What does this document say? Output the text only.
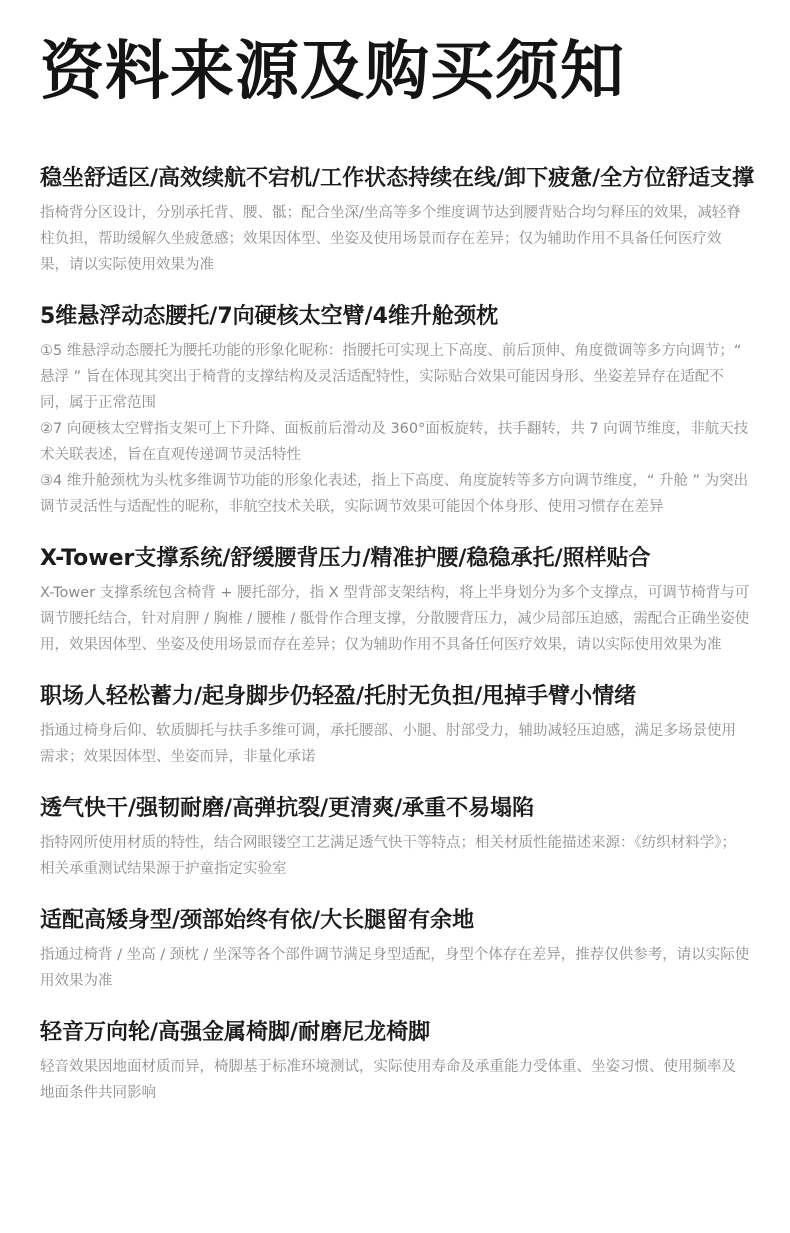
资料来源及购买须知
稳坐舒适区/高效续航不宕机/工作状态持续在线/卸下疲惫/全方位舒适支撑

指椅背分区设计，分别承托背、腰、骶；配合坐深/坐高等多个维度调节达到腰背贴合均匀释压的效果，减轻脊柱负担，帮助缓解久坐疲惫感；效果因体型、坐姿及使用场景而存在差异；仅为辅助作用不具备任何医疗效果，请以实际使用效果为准

5维悬浮动态腰托/7向硬核太空臂/4维升舱颈枕

①5 维悬浮动态腰托为腰托功能的形象化昵称：指腰托可实现上下高度、前后顶伸、角度微调等多方向调节；“ 悬浮 ” 旨在体现其突出于椅背的支撑结构及灵活适配特性，实际贴合效果可能因身形、坐姿差异存在适配不同，属于正常范围

②7 向硬核太空臂指支架可上下升降、面板前后滑动及 360°面板旋转，扶手翻转，共 7 向调节维度，非航天技术关联表述，旨在直观传递调节灵活特性

③4 维升舱颈枕为头枕多维调节功能的形象化表述，指上下高度、角度旋转等多方向调节维度，“ 升舱 ” 为突出调节灵活性与适配性的昵称，非航空技术关联，实际调节效果可能因个体身形、使用习惯存在差异

X-Tower支撑系统/舒缓腰背压力/精准护腰/稳稳承托/照样贴合

X-Tower 支撑系统包含椅背 + 腰托部分，指 X 型背部支架结构，将上半身划分为多个支撑点，可调节椅背与可调节腰托结合，针对肩胛 / 胸椎 / 腰椎 / 骶骨作合理支撑，分散腰背压力，减少局部压迫感，需配合正确坐姿使用，效果因体型、坐姿及使用场景而存在差异；仅为辅助作用不具备任何医疗效果，请以实际使用效果为准

职场人轻松蓄力/起身脚步仍轻盈/托肘无负担/甩掉手臂小情绪

指通过椅身后仰、软质脚托与扶手多维可调，承托腰部、小腿、肘部受力，辅助减轻压迫感，满足多场景使用需求；效果因体型、坐姿而异，非量化承诺

透气快干/强韧耐磨/高弹抗裂/更清爽/承重不易塌陷

指特网所使用材质的特性，结合网眼镂空工艺满足透气快干等特点；相关材质性能描述来源：《纺织材料学》；相关承重测试结果源于护童指定实验室

适配高矮身型/颈部始终有依/大长腿留有余地

指通过椅背 / 坐高 / 颈枕 / 坐深等各个部件调节满足身型适配，身型个体存在差异，推荐仅供参考，请以实际使用效果为准

轻音万向轮/高强金属椅脚/耐磨尼龙椅脚

轻音效果因地面材质而异，椅脚基于标准环境测试，实际使用寿命及承重能力受体重、坐姿习惯、使用频率及地面条件共同影响
